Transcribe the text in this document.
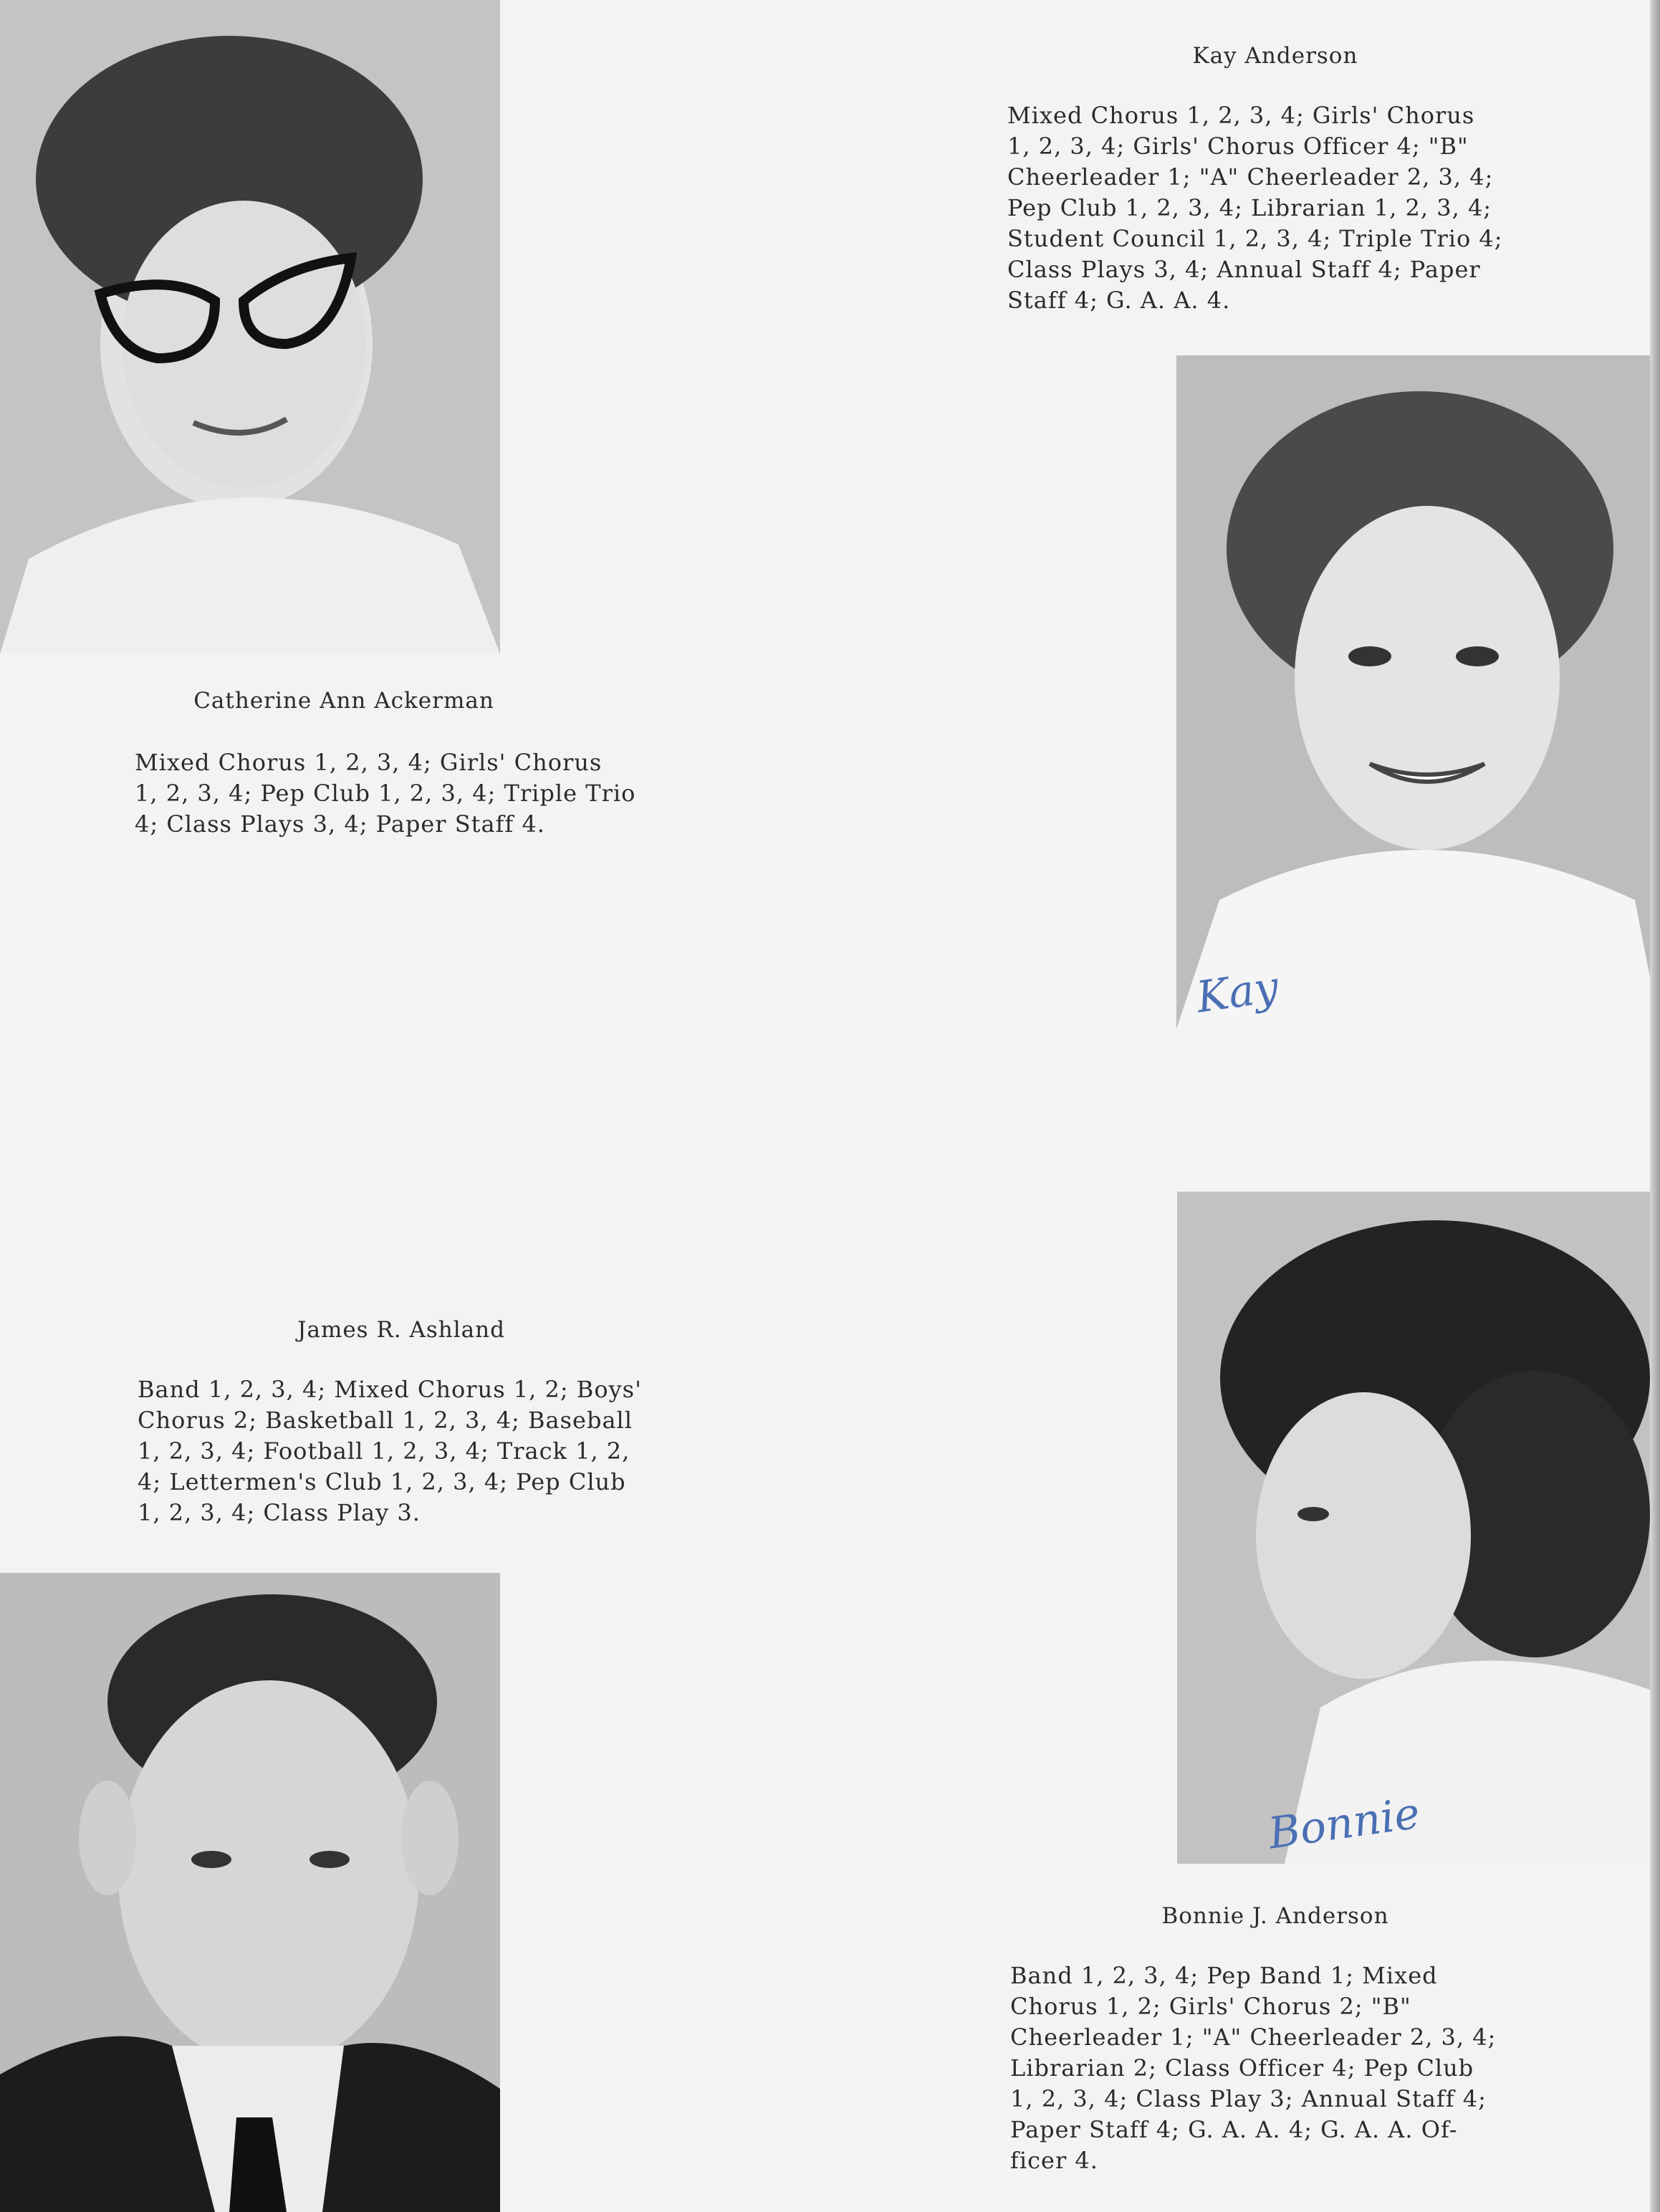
Catherine Ann Ackerman
Mixed Chorus 1, 2, 3, 4; Girls' Chorus
1, 2, 3, 4; Pep Club 1, 2, 3, 4; Triple Trio
4; Class Plays 3, 4; Paper Staff 4.
Kay Anderson
Mixed Chorus 1, 2, 3, 4; Girls' Chorus
1, 2, 3, 4; Girls' Chorus Officer 4; "B"
Cheerleader 1; "A" Cheerleader 2, 3, 4;
Pep Club 1, 2, 3, 4; Librarian 1, 2, 3, 4;
Student Council 1, 2, 3, 4; Triple Trio 4;
Class Plays 3, 4; Annual Staff 4; Paper
Staff 4; G. A. A. 4.
Kay
James R. Ashland
Band 1, 2, 3, 4; Mixed Chorus 1, 2; Boys'
Chorus 2; Basketball 1, 2, 3, 4; Baseball
1, 2, 3, 4; Football 1, 2, 3, 4; Track 1, 2,
4; Lettermen's Club 1, 2, 3, 4; Pep Club
1, 2, 3, 4; Class Play 3.
Bonnie
Bonnie J. Anderson
Band 1, 2, 3, 4; Pep Band 1; Mixed
Chorus 1, 2; Girls' Chorus 2; "B"
Cheerleader 1; "A" Cheerleader 2, 3, 4;
Librarian 2; Class Officer 4; Pep Club
1, 2, 3, 4; Class Play 3; Annual Staff 4;
Paper Staff 4; G. A. A. 4; G. A. A. Of-
ficer 4.
